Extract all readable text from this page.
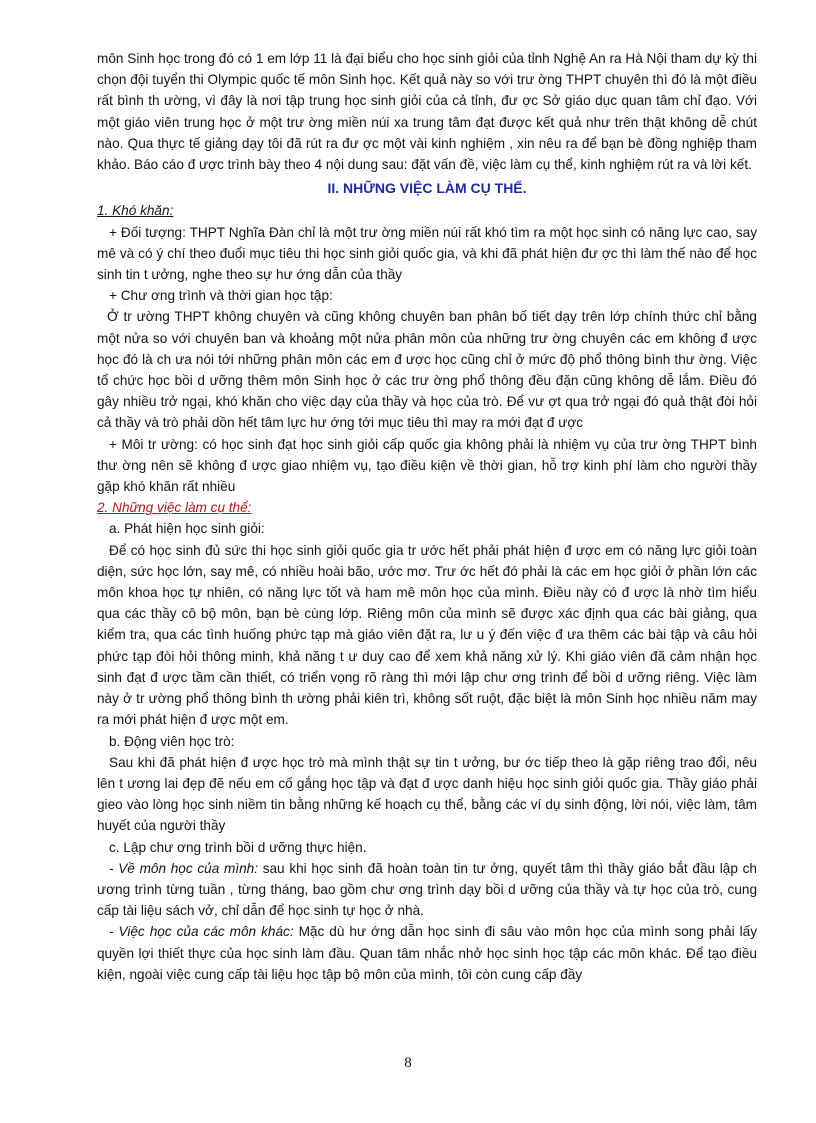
môn Sinh học trong đó có 1 em lớp 11 là đại biểu cho học sinh giỏi của tỉnh Nghệ An ra Hà Nội tham dự kỳ thi chọn đội tuyển thi Olympic quốc tế môn Sinh học. Kết quả này so với trư ờng THPT chuyên thì đó là một điều rất bình th ường, vì đây là nơi tập trung học sinh giỏi của cả tỉnh, đư ợc Sở giáo dục quan tâm chỉ đạo. Với một giáo viên trung học ở một trư ờng miền núi xa trung tâm đạt được kết quả như trên thật không dễ chút nào. Qua thực tế giảng dạy tôi đã rút ra đư ợc một vài kinh nghiệm , xin nêu ra để bạn bè đồng nghiệp tham khảo. Báo cáo đ ược trình bày theo 4 nội dung sau: đặt vấn đề, việc làm cụ thể, kinh nghiệm rút ra và lời kết.

II. NHỮNG VIỆC LÀM CỤ THỂ.

1. Khó khăn:

+ Đối tượng: THPT Nghĩa Đàn chỉ là một trư ờng miền núi rất khó tìm ra một học sinh có năng lực cao, say mê và có ý chí theo đuổi mục tiêu thi học sinh giỏi quốc gia, và khi đã phát hiện đư ợc thì làm thế nào để học sinh tin t ưởng, nghe theo sự hư ớng dẫn của thầy

+ Chư ơng trình và thời gian học tập:

Ở tr ường THPT không chuyên và cũng không chuyên ban phân bố tiết dạy trên lớp chính thức chỉ bằng một nửa so với chuyên ban và khoảng một nửa phân môn của những trư ờng chuyên các em không đ ược học đó là ch ưa nói tới những phân môn các em đ ược học cũng chỉ ở mức độ phổ thông bình thư ờng. Việc tổ chức học bồi d ưỡng thêm môn Sinh học ở các trư ờng phổ thông đều đặn cũng không dễ lắm. Điều đó gây nhiều trở ngại, khó khăn cho việc dạy của thầy và học của trò. Để vư ợt qua trở ngại đó quả thật đòi hỏi cả thầy và trò phải dồn hết tâm lực hư ớng tới mục tiêu thì may ra mới đạt đ ược

+ Môi tr ường: có học sinh đạt học sinh giỏi cấp quốc gia không phải là nhiệm vụ của trư ờng THPT bình thư ờng nên sẽ không đ ược giao nhiệm vụ, tạo điều kiện về thời gian, hỗ trợ kinh phí làm cho người thầy gặp khó khăn rất nhiều

2. Những việc làm cụ thể:

a. Phát hiện học sinh giỏi:

Để có học sinh đủ sức thi học sinh giỏi quốc gia tr ước hết phải phát hiện đ ược em có năng lực giỏi toàn diện, sức học lớn, say mê, có nhiều hoài bão, ước mơ. Trư ớc hết đó phải là các em học giỏi ở phần lớn các môn khoa học tự nhiên, có năng lực tốt và ham mê môn học của mình. Điều này có đ ược là nhờ tìm hiểu qua các thầy cô bộ môn, bạn bè cùng lớp. Riêng môn của mình sẽ được xác định qua các bài giảng, qua kiểm tra, qua các tình huống phức tạp mà giáo viên đặt ra, lư u ý đến việc đ ưa thêm các bài tập và câu hỏi phức tạp đòi hỏi thông minh, khả năng t ư duy cao để xem khả năng xử lý. Khi giáo viên đã cảm nhận học sinh đạt đ ược tầm cần thiết, có triển vọng rõ ràng thì mới lập chư ơng trình để bồi d ưỡng riêng. Việc làm này ở tr ường phổ thông bình th ường phải kiên trì, không sốt ruột, đặc biệt là môn Sinh học nhiều năm may ra mới phát hiện đ ược một em.

b. Động viên học trò:

Sau khi đã phát hiện đ ược học trò mà mình thật sự tin t ưởng, bư ớc tiếp theo là gặp riêng trao đổi, nêu lên t ương lai đẹp đẽ nếu em cố gắng học tập và đạt đ ược danh hiệu học sinh giỏi quốc gia. Thầy giáo phải gieo vào lòng học sinh niềm tin bằng những kế hoạch cụ thể, bằng các ví dụ sinh động, lời nói, việc làm, tâm huyết của người thầy

c. Lập chư ơng trình bồi d ưỡng thực hiện.

- Về môn học của mình: sau khi học sinh đã hoàn toàn tin tư ởng, quyết tâm thì thầy giáo bắt đầu lập ch ương trình từng tuần , từng tháng, bao gồm chư ơng trình dạy bồi d ưỡng của thầy và tự học của trò, cung cấp tài liệu sách vở, chỉ dẫn để học sinh tự học ở nhà.

- Việc học của các môn khác: Mặc dù hư ớng dẫn học sinh đi sâu vào môn học của mình song phải lấy quyền lợi thiết thực của học sinh làm đầu. Quan tâm nhắc nhở học sinh học tập các môn khác. Để tạo điều kiện, ngoài việc cung cấp tài liệu học tập bộ môn của mình, tôi còn cung cấp đầy

8
